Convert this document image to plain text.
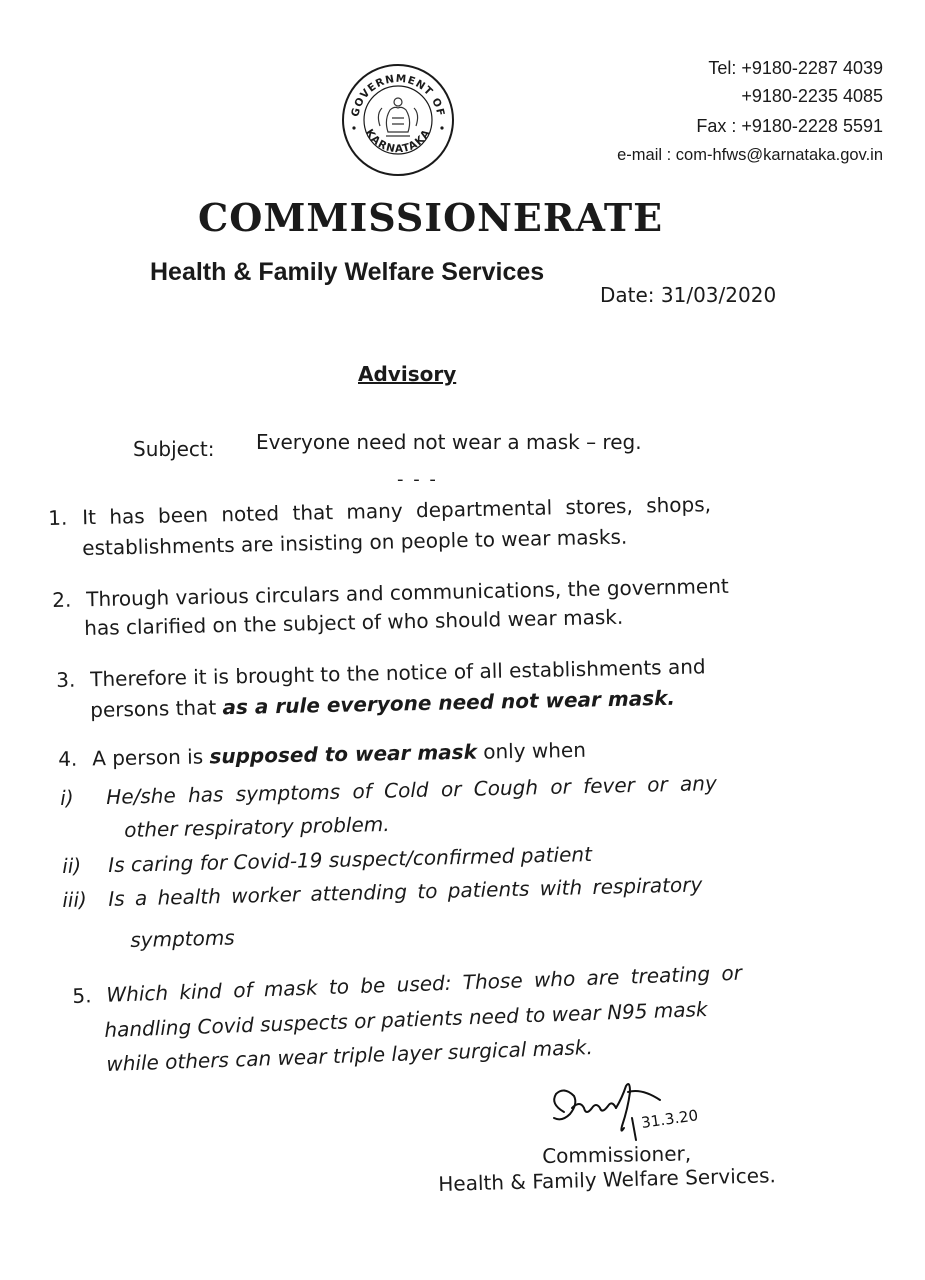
GOVERNMENT OF
KARNATAKA
Tel: +9180-2287 4039
+9180-2235 4085
Fax : +9180-2228 5591
e-mail : com-hfws@karnataka.gov.in
COMMISSIONERATE
Health & Family Welfare Services
Date: 31/03/2020
Advisory
Subject: Everyone need not wear a mask – reg.
- - -
1. It has been noted that many departmental stores, shops,
establishments are insisting on people to wear masks.
2. Through various circulars and communications, the government
has clarified on the subject of who should wear mask.
3. Therefore it is brought to the notice of all establishments and
persons that as a rule everyone need not wear mask.
4. A person is supposed to wear mask only when
i) He/she has symptoms of Cold or Cough or fever or any
other respiratory problem.
ii) Is caring for Covid-19 suspect/confirmed patient
iii) Is a health worker attending to patients with respiratory
symptoms
5. Which kind of mask to be used: Those who are treating or
handling Covid suspects or patients need to wear N95 mask
while others can wear triple layer surgical mask.
31.3.20
Commissioner,
Health & Family Welfare Services.
